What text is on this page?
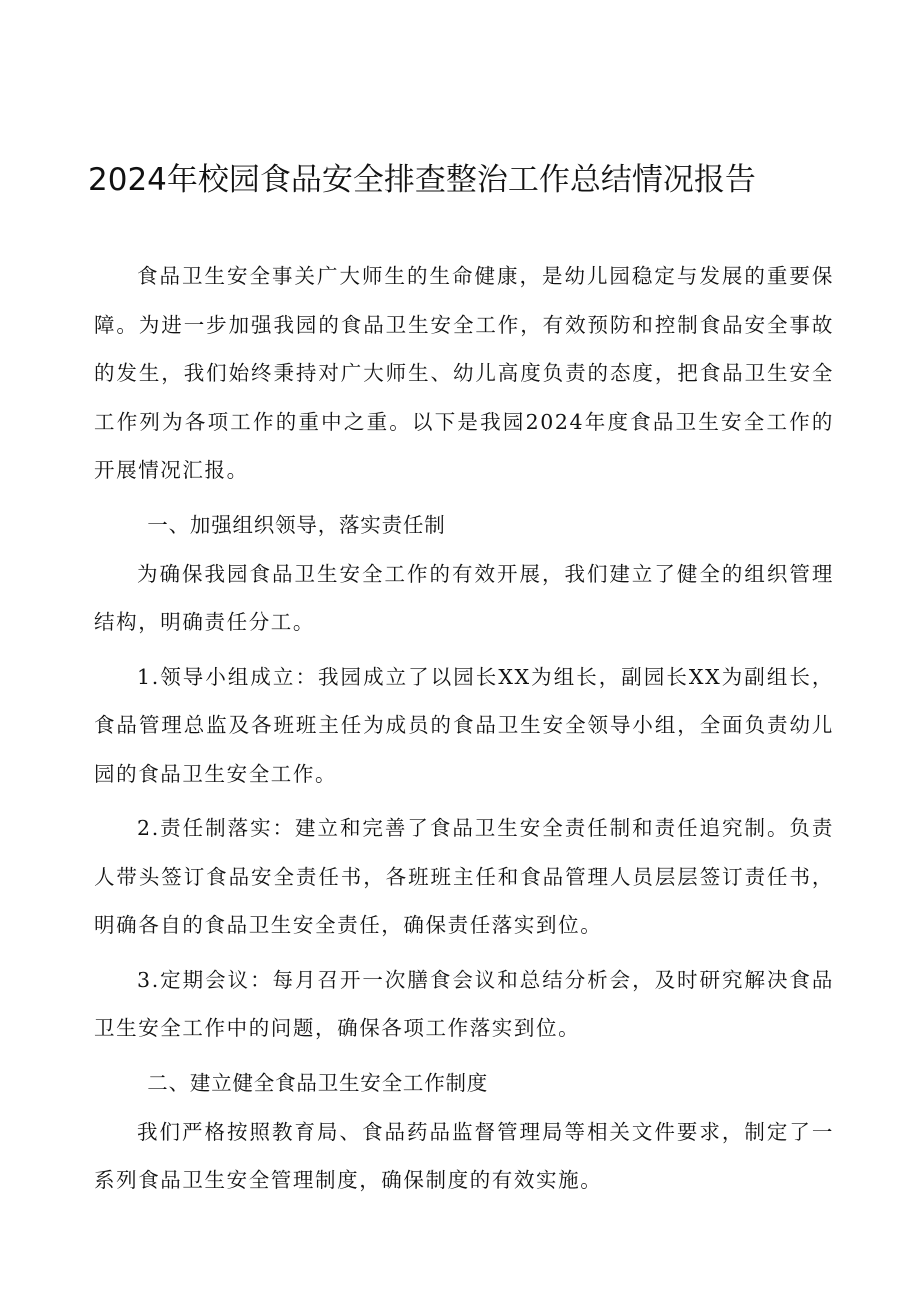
2024年校园食品安全排查整治工作总结情况报告

食品卫生安全事关广大师生的生命健康，是幼儿园稳定与发展的重要保障。为进一步加强我园的食品卫生安全工作，有效预防和控制食品安全事故的发生，我们始终秉持对广大师生、幼儿高度负责的态度，把食品卫生安全工作列为各项工作的重中之重。以下是我园2024年度食品卫生安全工作的开展情况汇报。

一、加强组织领导，落实责任制

为确保我园食品卫生安全工作的有效开展，我们建立了健全的组织管理结构，明确责任分工。

1.领导小组成立：我园成立了以园长XX为组长，副园长XX为副组长，食品管理总监及各班班主任为成员的食品卫生安全领导小组，全面负责幼儿园的食品卫生安全工作。

2.责任制落实：建立和完善了食品卫生安全责任制和责任追究制。负责人带头签订食品安全责任书，各班班主任和食品管理人员层层签订责任书，明确各自的食品卫生安全责任，确保责任落实到位。

3.定期会议：每月召开一次膳食会议和总结分析会，及时研究解决食品卫生安全工作中的问题，确保各项工作落实到位。

二、建立健全食品卫生安全工作制度

我们严格按照教育局、食品药品监督管理局等相关文件要求，制定了一系列食品卫生安全管理制度，确保制度的有效实施。
